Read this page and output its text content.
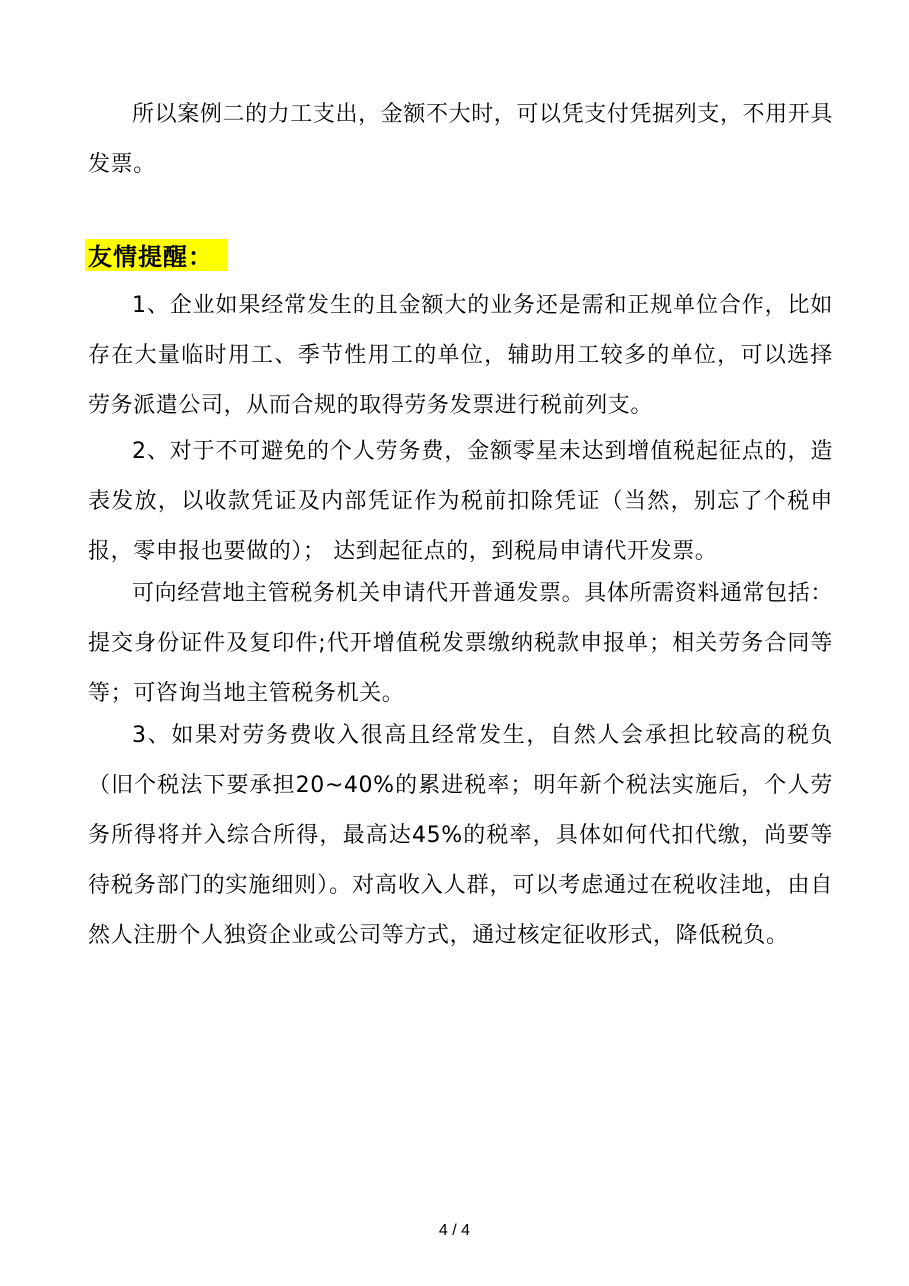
所以案例二的力工支出，金额不大时，可以凭支付凭据列支，不用开具发票。
友情提醒：
1、企业如果经常发生的且金额大的业务还是需和正规单位合作，比如存在大量临时用工、季节性用工的单位，辅助用工较多的单位，可以选择劳务派遣公司，从而合规的取得劳务发票进行税前列支。
2、对于不可避免的个人劳务费，金额零星未达到增值税起征点的，造表发放，以收款凭证及内部凭证作为税前扣除凭证（当然，别忘了个税申报，零申报也要做的）； 达到起征点的，到税局申请代开发票。
可向经营地主管税务机关申请代开普通发票。具体所需资料通常包括：提交身份证件及复印件;代开增值税发票缴纳税款申报单；相关劳务合同等等；可咨询当地主管税务机关。
3、如果对劳务费收入很高且经常发生，自然人会承担比较高的税负（旧个税法下要承担20~40%的累进税率；明年新个税法实施后，个人劳务所得将并入综合所得，最高达45%的税率，具体如何代扣代缴，尚要等待税务部门的实施细则）。对高收入人群，可以考虑通过在税收洼地，由自然人注册个人独资企业或公司等方式，通过核定征收形式，降低税负。
4 / 4
